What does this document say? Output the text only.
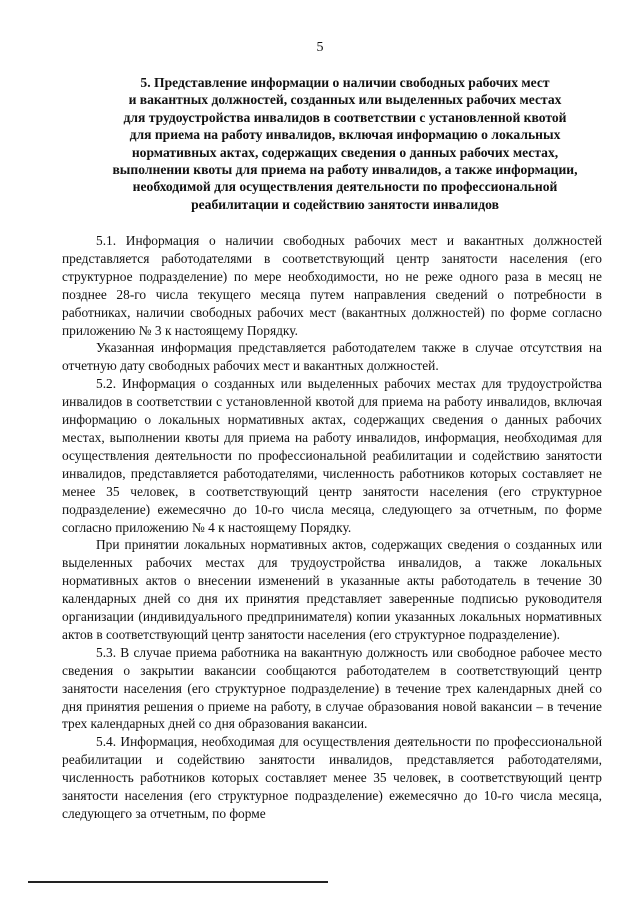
5
5. Представление информации о наличии свободных рабочих мест
и вакантных должностей, созданных или выделенных рабочих местах
для трудоустройства инвалидов в соответствии с установленной квотой
для приема на работу инвалидов, включая информацию о локальных
нормативных актах, содержащих сведения о данных рабочих местах,
выполнении квоты для приема на работу инвалидов, а также информации,
необходимой для осуществления деятельности по профессиональной
реабилитации и содействию занятости инвалидов

5.1. Информация о наличии свободных рабочих мест и вакантных должностей представляется работодателями в соответствующий центр занятости населения (его структурное подразделение) по мере необходимости, но не реже одного раза в месяц не позднее 28-го числа текущего месяца путем направления сведений о потребности в работниках, наличии свободных рабочих мест (вакантных должностей) по форме согласно приложению № 3 к настоящему Порядку.

Указанная информация представляется работодателем также в случае отсутствия на отчетную дату свободных рабочих мест и вакантных должностей.

5.2. Информация о созданных или выделенных рабочих местах для трудоустройства инвалидов в соответствии с установленной квотой для приема на работу инвалидов, включая информацию о локальных нормативных актах, содержащих сведения о данных рабочих местах, выполнении квоты для приема на работу инвалидов, информация, необходимая для осуществления деятельности по профессиональной реабилитации и содействию занятости инвалидов, представляется работодателями, численность работников которых составляет не менее 35 человек, в соответствующий центр занятости населения (его структурное подразделение) ежемесячно до 10-го числа месяца, следующего за отчетным, по форме согласно приложению № 4 к настоящему Порядку.

При принятии локальных нормативных актов, содержащих сведения о созданных или выделенных рабочих местах для трудоустройства инвалидов, а также локальных нормативных актов о внесении изменений в указанные акты работодатель в течение 30 календарных дней со дня их принятия представляет заверенные подписью руководителя организации (индивидуального предпринимателя) копии указанных локальных нормативных актов в соответствующий центр занятости населения (его структурное подразделение).

5.3. В случае приема работника на вакантную должность или свободное рабочее место сведения о закрытии вакансии сообщаются работодателем в соответствующий центр занятости населения (его структурное подразделение) в течение трех календарных дней со дня принятия решения о приеме на работу, в случае образования новой вакансии – в течение трех календарных дней со дня образования вакансии.

5.4. Информация, необходимая для осуществления деятельности по профессиональной реабилитации и содействию занятости инвалидов, представляется работодателями, численность работников которых составляет менее 35 человек, в соответствующий центр занятости населения (его структурное подразделение) ежемесячно до 10-го числа месяца, следующего за отчетным, по форме
